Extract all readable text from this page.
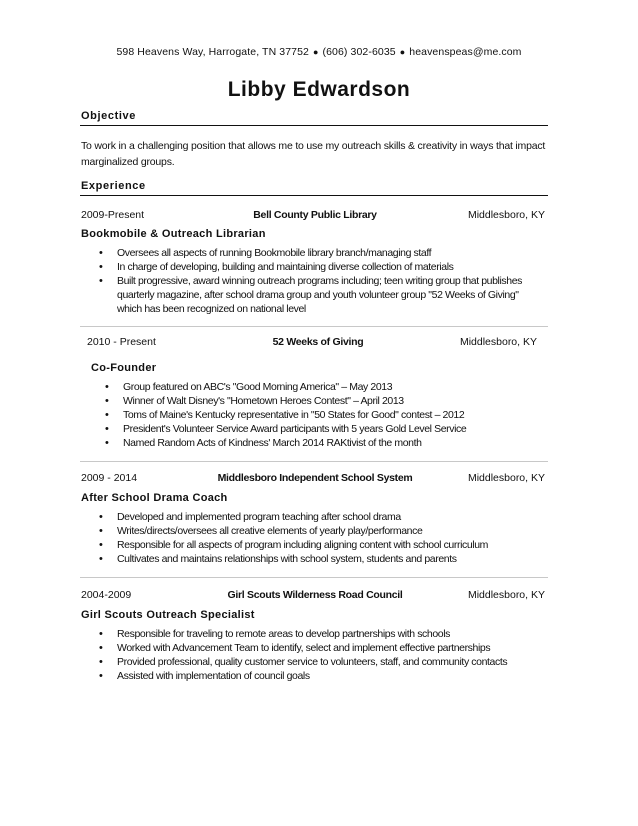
598 Heavens Way, Harrogate, TN 37752 ● (606) 302-6035 ● heavenspeas@me.com
Libby Edwardson
Objective
To work in a challenging position that allows me to use my outreach skills & creativity in ways that impact marginalized groups.
Experience
2009-Present	Bell County Public Library	Middlesboro, KY
Bookmobile & Outreach Librarian
• Oversees all aspects of running Bookmobile library branch/managing staff
• In charge of developing, building and maintaining diverse collection of materials
• Built progressive, award winning outreach programs including; teen writing group that publishes quarterly magazine, after school drama group and youth volunteer group "52 Weeks of Giving" which has been recognized on national level
2010 - Present	52 Weeks of Giving	Middlesboro, KY
Co-Founder
• Group featured on ABC's "Good Morning America" – May 2013
• Winner of Walt Disney's "Hometown Heroes Contest" – April 2013
• Toms of Maine's Kentucky representative in "50 States for Good" contest – 2012
• President's Volunteer Service Award participants with 5 years Gold Level Service
• Named Random Acts of Kindness' March 2014 RAKtivist of the month
2009 - 2014	Middlesboro Independent School System	Middlesboro, KY
After School Drama Coach
• Developed and implemented program teaching after school drama
• Writes/directs/oversees all creative elements of yearly play/performance
• Responsible for all aspects of program including aligning content with school curriculum
• Cultivates and maintains relationships with school system, students and parents
2004-2009	Girl Scouts Wilderness Road Council	Middlesboro, KY
Girl Scouts Outreach Specialist
• Responsible for traveling to remote areas to develop partnerships with schools
• Worked with Advancement Team to identify, select and implement effective partnerships
• Provided professional, quality customer service to volunteers, staff, and community contacts
• Assisted with implementation of council goals
